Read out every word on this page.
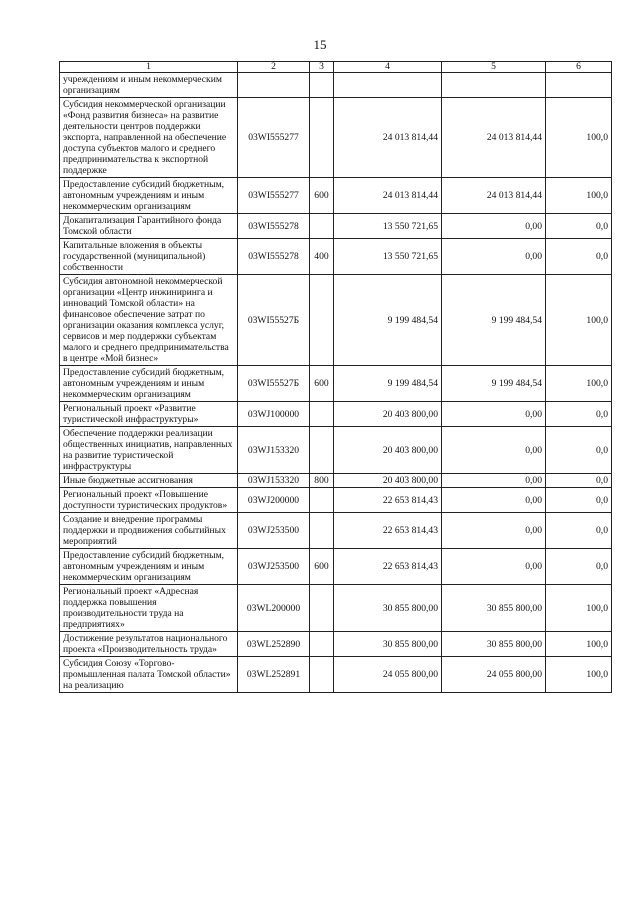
15
1	2	3	4	5	6
учреждениям и иным некоммерческим организациям					
Субсидия некоммерческой организации «Фонд развития бизнеса» на развитие деятельности центров поддержки экспорта, направленной на обеспечение доступа субъектов малого и среднего предпринимательства к экспортной поддержке	03WI555277		24 013 814,44	24 013 814,44	100,0
Предоставление субсидий бюджетным, автономным учреждениям и иным некоммерческим организациям	03WI555277	600	24 013 814,44	24 013 814,44	100,0
Докапитализация Гарантийного фонда Томской области	03WI555278		13 550 721,65	0,00	0,0
Капитальные вложения в объекты государственной (муниципальной) собственности	03WI555278	400	13 550 721,65	0,00	0,0
Субсидия автономной некоммерческой организации «Центр инжиниринга и инноваций Томской области» на финансовое обеспечение затрат по организации оказания комплекса услуг, сервисов и мер поддержки субъектам малого и среднего предпринимательства в центре «Мой бизнес»	03WI55527Б		9 199 484,54	9 199 484,54	100,0
Предоставление субсидий бюджетным, автономным учреждениям и иным некоммерческим организациям	03WI55527Б	600	9 199 484,54	9 199 484,54	100,0
Региональный проект «Развитие туристической инфраструктуры»	03WJ100000		20 403 800,00	0,00	0,0
Обеспечение поддержки реализации общественных инициатив, направленных на развитие туристической инфраструктуры	03WJ153320		20 403 800,00	0,00	0,0
Иные бюджетные ассигнования	03WJ153320	800	20 403 800,00	0,00	0,0
Региональный проект «Повышение доступности туристических продуктов»	03WJ200000		22 653 814,43	0,00	0,0
Создание и внедрение программы поддержки и продвижения событийных мероприятий	03WJ253500		22 653 814,43	0,00	0,0
Предоставление субсидий бюджетным, автономным учреждениям и иным некоммерческим организациям	03WJ253500	600	22 653 814,43	0,00	0,0
Региональный проект «Адресная поддержка повышения производительности труда на предприятиях»	03WL200000		30 855 800,00	30 855 800,00	100,0
Достижение результатов национального проекта «Производительность труда»	03WL252890		30 855 800,00	30 855 800,00	100,0
Субсидия Союзу «Торгово-промышленная палата Томской области» на реализацию	03WL252891		24 055 800,00	24 055 800,00	100,0
